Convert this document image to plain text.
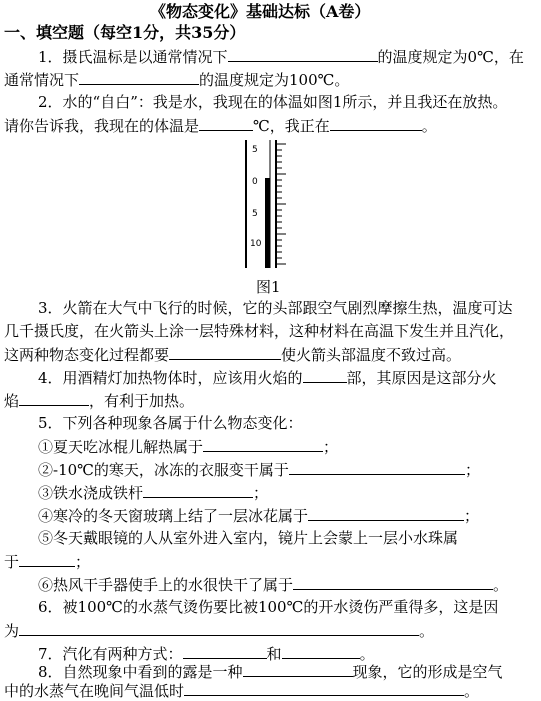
《物态变化》基础达标（A卷）
一、填空题（每空1分，共35分）
1．摄氏温标是以通常情况下	的温度规定为0℃，在
通常情况下	的温度规定为100℃。
2．水的“自白”：我是水，我现在的体温如图1所示，并且我还在放热。
请你告诉我，我现在的体温是	℃，我正在	。
5
0
5
10
图1
3．火箭在大气中飞行的时候，它的头部跟空气剧烈摩擦生热，温度可达
几千摄氏度，在火箭头上涂一层特殊材料，这种材料在高温下发生并且汽化，
这两种物态变化过程都要	使火箭头部温度不致过高。
4．用酒精灯加热物体时，应该用火焰的	部，其原因是这部分火
焰	，有利于加热。
5．下列各种现象各属于什么物态变化：
①夏天吃冰棍儿解热属于	；
②-10℃的寒天，冰冻的衣服变干属于	；
③铁水浇成铁杆	；
④寒冷的冬天窗玻璃上结了一层冰花属于	；
⑤冬天戴眼镜的人从室外进入室内，镜片上会蒙上一层小水珠属
于	；
⑥热风干手器使手上的水很快干了属于	。
6．被100℃的水蒸气烫伤要比被100℃的开水烫伤严重得多，这是因
为	。
7．汽化有两种方式：	和	。
8．自然现象中看到的露是一种	现象，它的形成是空气
中的水蒸气在晚间气温低时	。
